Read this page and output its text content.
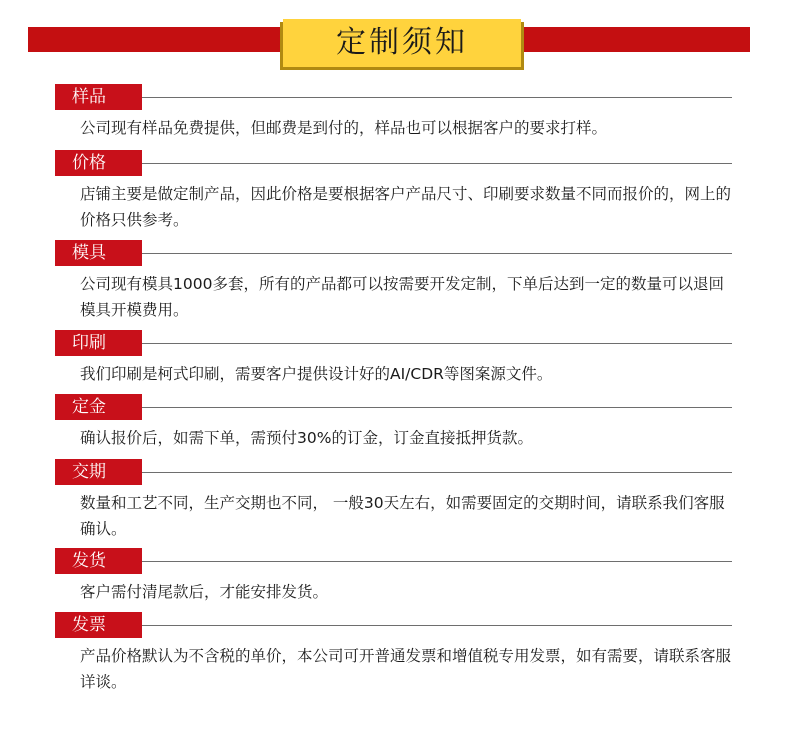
定制须知
样品
公司现有样品免费提供，但邮费是到付的，样品也可以根据客户的要求打样。
价格
店铺主要是做定制产品，因此价格是要根据客户产品尺寸、印刷要求数量不同而报价的，网上的价格只供参考。
模具
公司现有模具1000多套，所有的产品都可以按需要开发定制，下单后达到一定的数量可以退回模具开模费用。
印刷
我们印刷是柯式印刷，需要客户提供设计好的AI/CDR等图案源文件。
定金
确认报价后，如需下单，需预付30%的订金，订金直接抵押货款。
交期
数量和工艺不同，生产交期也不同， 一般30天左右，如需要固定的交期时间，请联系我们客服确认。
发货
客户需付清尾款后，才能安排发货。
发票
产品价格默认为不含税的单价，本公司可开普通发票和增值税专用发票，如有需要，请联系客服详谈。
